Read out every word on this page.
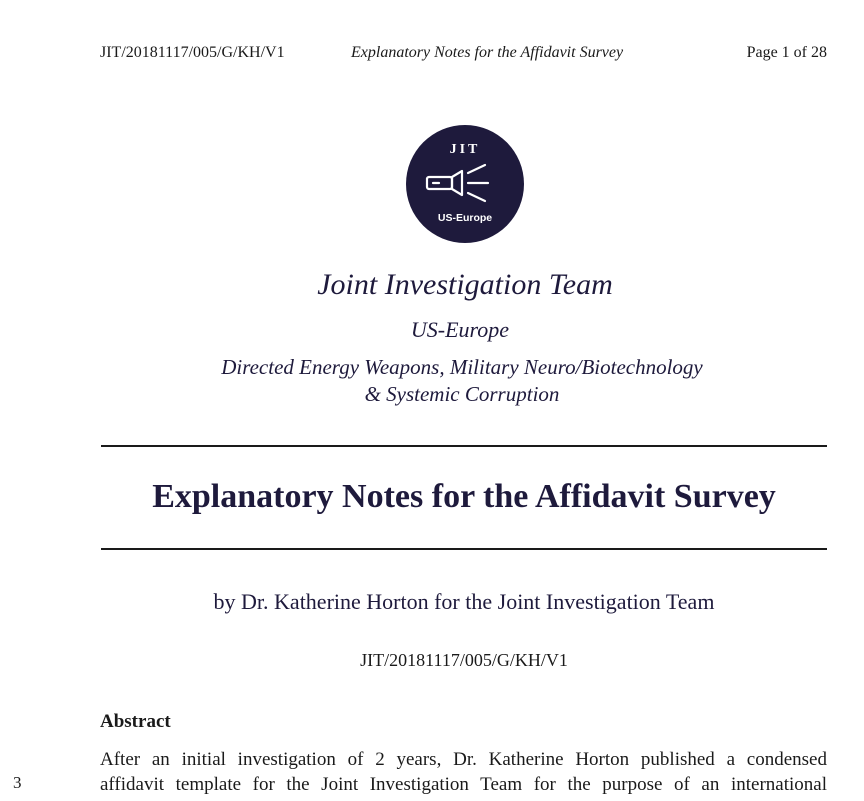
JIT/20181117/005/G/KH/V1	Explanatory Notes for the Affidavit Survey	Page 1 of 28
JIT
US-Europe
Joint Investigation Team
US-Europe
Directed Energy Weapons, Military Neuro/Biotechnology
& Systemic Corruption
Explanatory Notes for the Affidavit Survey
by Dr. Katherine Horton for the Joint Investigation Team
JIT/20181117/005/G/KH/V1
Abstract
After an initial investigation of 2 years, Dr. Katherine Horton published a condensed
affidavit template for the Joint Investigation Team for the purpose of an international
3
